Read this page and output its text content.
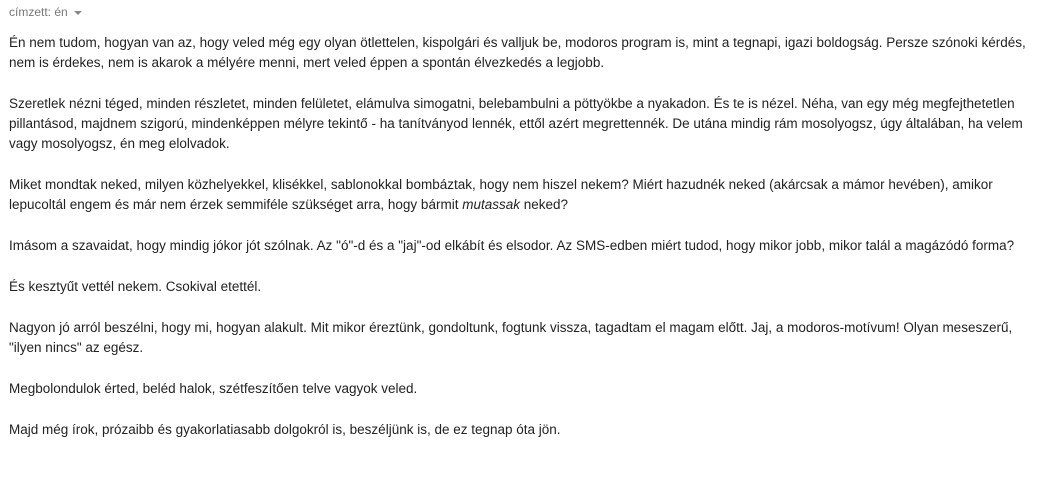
címzett: én

Én nem tudom, hogyan van az, hogy veled még egy olyan ötlettelen, kispolgári és valljuk be, modoros program is, mint a tegnapi, igazi boldogság. Persze szónoki kérdés, nem is érdekes, nem is akarok a mélyére menni, mert veled éppen a spontán élvezkedés a legjobb.

Szeretlek nézni téged, minden részletet, minden felületet, elámulva simogatni, belebambulni a pöttyökbe a nyakadon. És te is nézel. Néha, van egy még megfejthetetlen pillantásod, majdnem szigorú, mindenképpen mélyre tekintő - ha tanítványod lennék, ettől azért megrettennék. De utána mindig rám mosolyogsz, úgy általában, ha velem vagy mosolyogsz, én meg elolvadok.

Miket mondtak neked, milyen közhelyekkel, klisékkel, sablonokkal bombáztak, hogy nem hiszel nekem? Miért hazudnék neked (akárcsak a mámor hevében), amikor lepucoltál engem és már nem érzek semmiféle szükséget arra, hogy bármit mutassak neked?

Imásom a szavaidat, hogy mindig jókor jót szólnak. Az "ó"-d és a "jaj"-od elkábít és elsodor. Az SMS-edben miért tudod, hogy mikor jobb, mikor talál a magázódó forma?

És kesztyűt vettél nekem. Csokival etettél.

Nagyon jó arról beszélni, hogy mi, hogyan alakult. Mit mikor éreztünk, gondoltunk, fogtunk vissza, tagadtam el magam előtt. Jaj, a modoros-motívum! Olyan meseszerű, "ilyen nincs" az egész.

Megbolondulok érted, beléd halok, szétfeszítően telve vagyok veled.

Majd még írok, prózaibb és gyakorlatiasabb dolgokról is, beszéljünk is, de ez tegnap óta jön.
